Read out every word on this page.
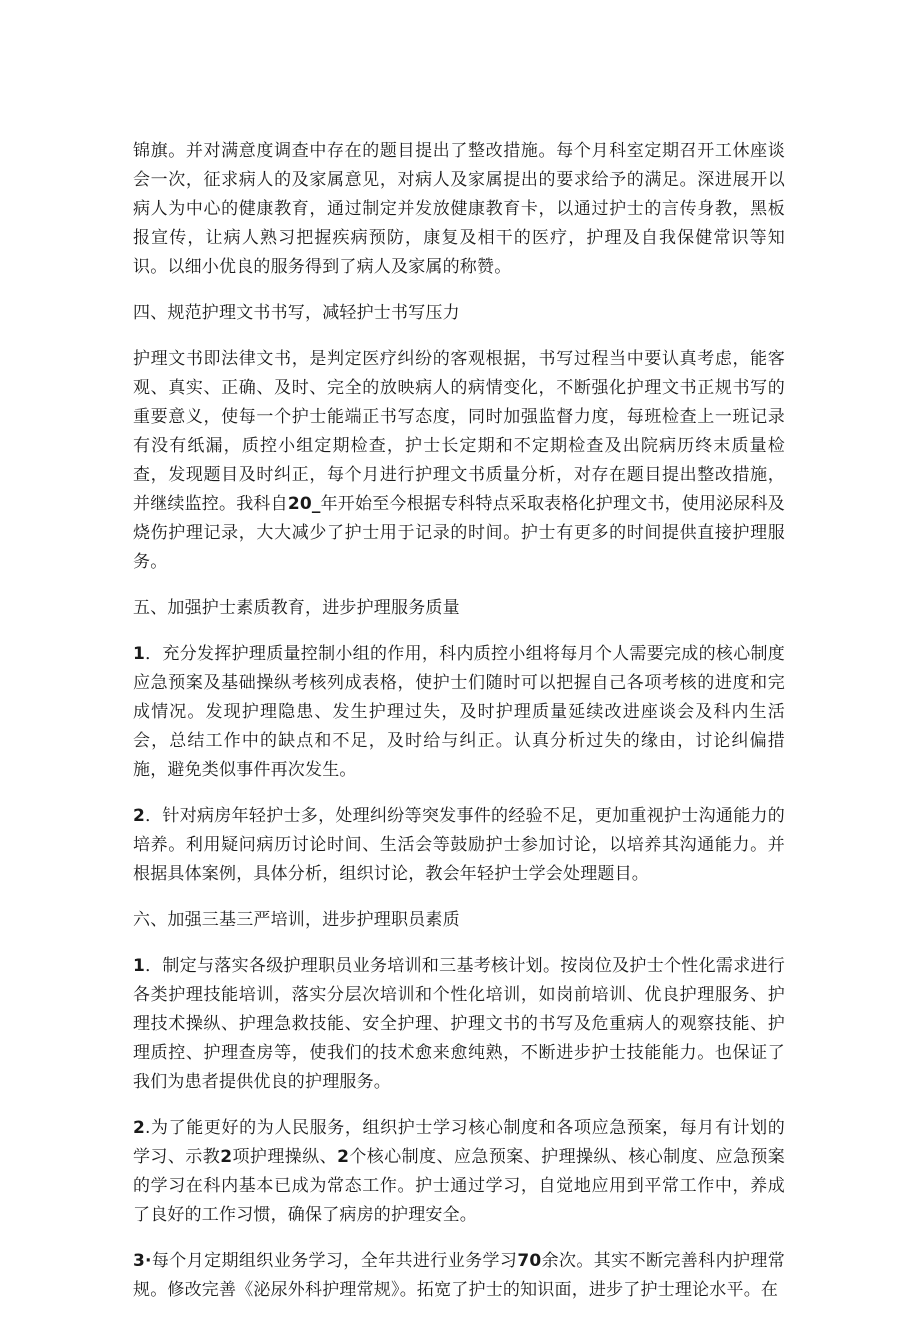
锦旗。并对满意度调查中存在的题目提出了整改措施。每个月科室定期召开工休座谈会一次，征求病人的及家属意见，对病人及家属提出的要求给予的满足。深进展开以病人为中心的健康教育，通过制定并发放健康教育卡，以通过护士的言传身教，黑板报宣传，让病人熟习把握疾病预防，康复及相干的医疗，护理及自我保健常识等知识。以细小优良的服务得到了病人及家属的称赞。

四、规范护理文书书写，减轻护士书写压力

护理文书即法律文书，是判定医疗纠纷的客观根据，书写过程当中要认真考虑，能客观、真实、正确、及时、完全的放映病人的病情变化，不断强化护理文书正规书写的重要意义，使每一个护士能端正书写态度，同时加强监督力度，每班检查上一班记录有没有纸漏，质控小组定期检查，护士长定期和不定期检查及出院病历终末质量检查，发现题目及时纠正，每个月进行护理文书质量分析，对存在题目提出整改措施，并继续监控。我科自20_年开始至今根据专科特点采取表格化护理文书，使用泌尿科及烧伤护理记录，大大减少了护士用于记录的时间。护士有更多的时间提供直接护理服务。

五、加强护士素质教育，进步护理服务质量

1．充分发挥护理质量控制小组的作用，科内质控小组将每月个人需要完成的核心制度应急预案及基础操纵考核列成表格，使护士们随时可以把握自己各项考核的进度和完成情况。发现护理隐患、发生护理过失，及时护理质量延续改进座谈会及科内生活会，总结工作中的缺点和不足，及时给与纠正。认真分析过失的缘由，讨论纠偏措施，避免类似事件再次发生。

2．针对病房年轻护士多，处理纠纷等突发事件的经验不足，更加重视护士沟通能力的培养。利用疑问病历讨论时间、生活会等鼓励护士参加讨论，以培养其沟通能力。并根据具体案例，具体分析，组织讨论，教会年轻护士学会处理题目。

六、加强三基三严培训，进步护理职员素质

1．制定与落实各级护理职员业务培训和三基考核计划。按岗位及护士个性化需求进行各类护理技能培训，落实分层次培训和个性化培训，如岗前培训、优良护理服务、护理技术操纵、护理急救技能、安全护理、护理文书的书写及危重病人的观察技能、护理质控、护理查房等，使我们的技术愈来愈纯熟，不断进步护士技能能力。也保证了我们为患者提供优良的护理服务。

2.为了能更好的为人民服务，组织护士学习核心制度和各项应急预案，每月有计划的学习、示教2项护理操纵、2个核心制度、应急预案、护理操纵、核心制度、应急预案的学习在科内基本已成为常态工作。护士通过学习，自觉地应用到平常工作中，养成了良好的工作习惯，确保了病房的护理安全。

3·每个月定期组织业务学习，全年共进行业务学习70余次。其实不断完善科内护理常规。修改完善《泌尿外科护理常规》。拓宽了护士的知识面，进步了护士理论水平。在
